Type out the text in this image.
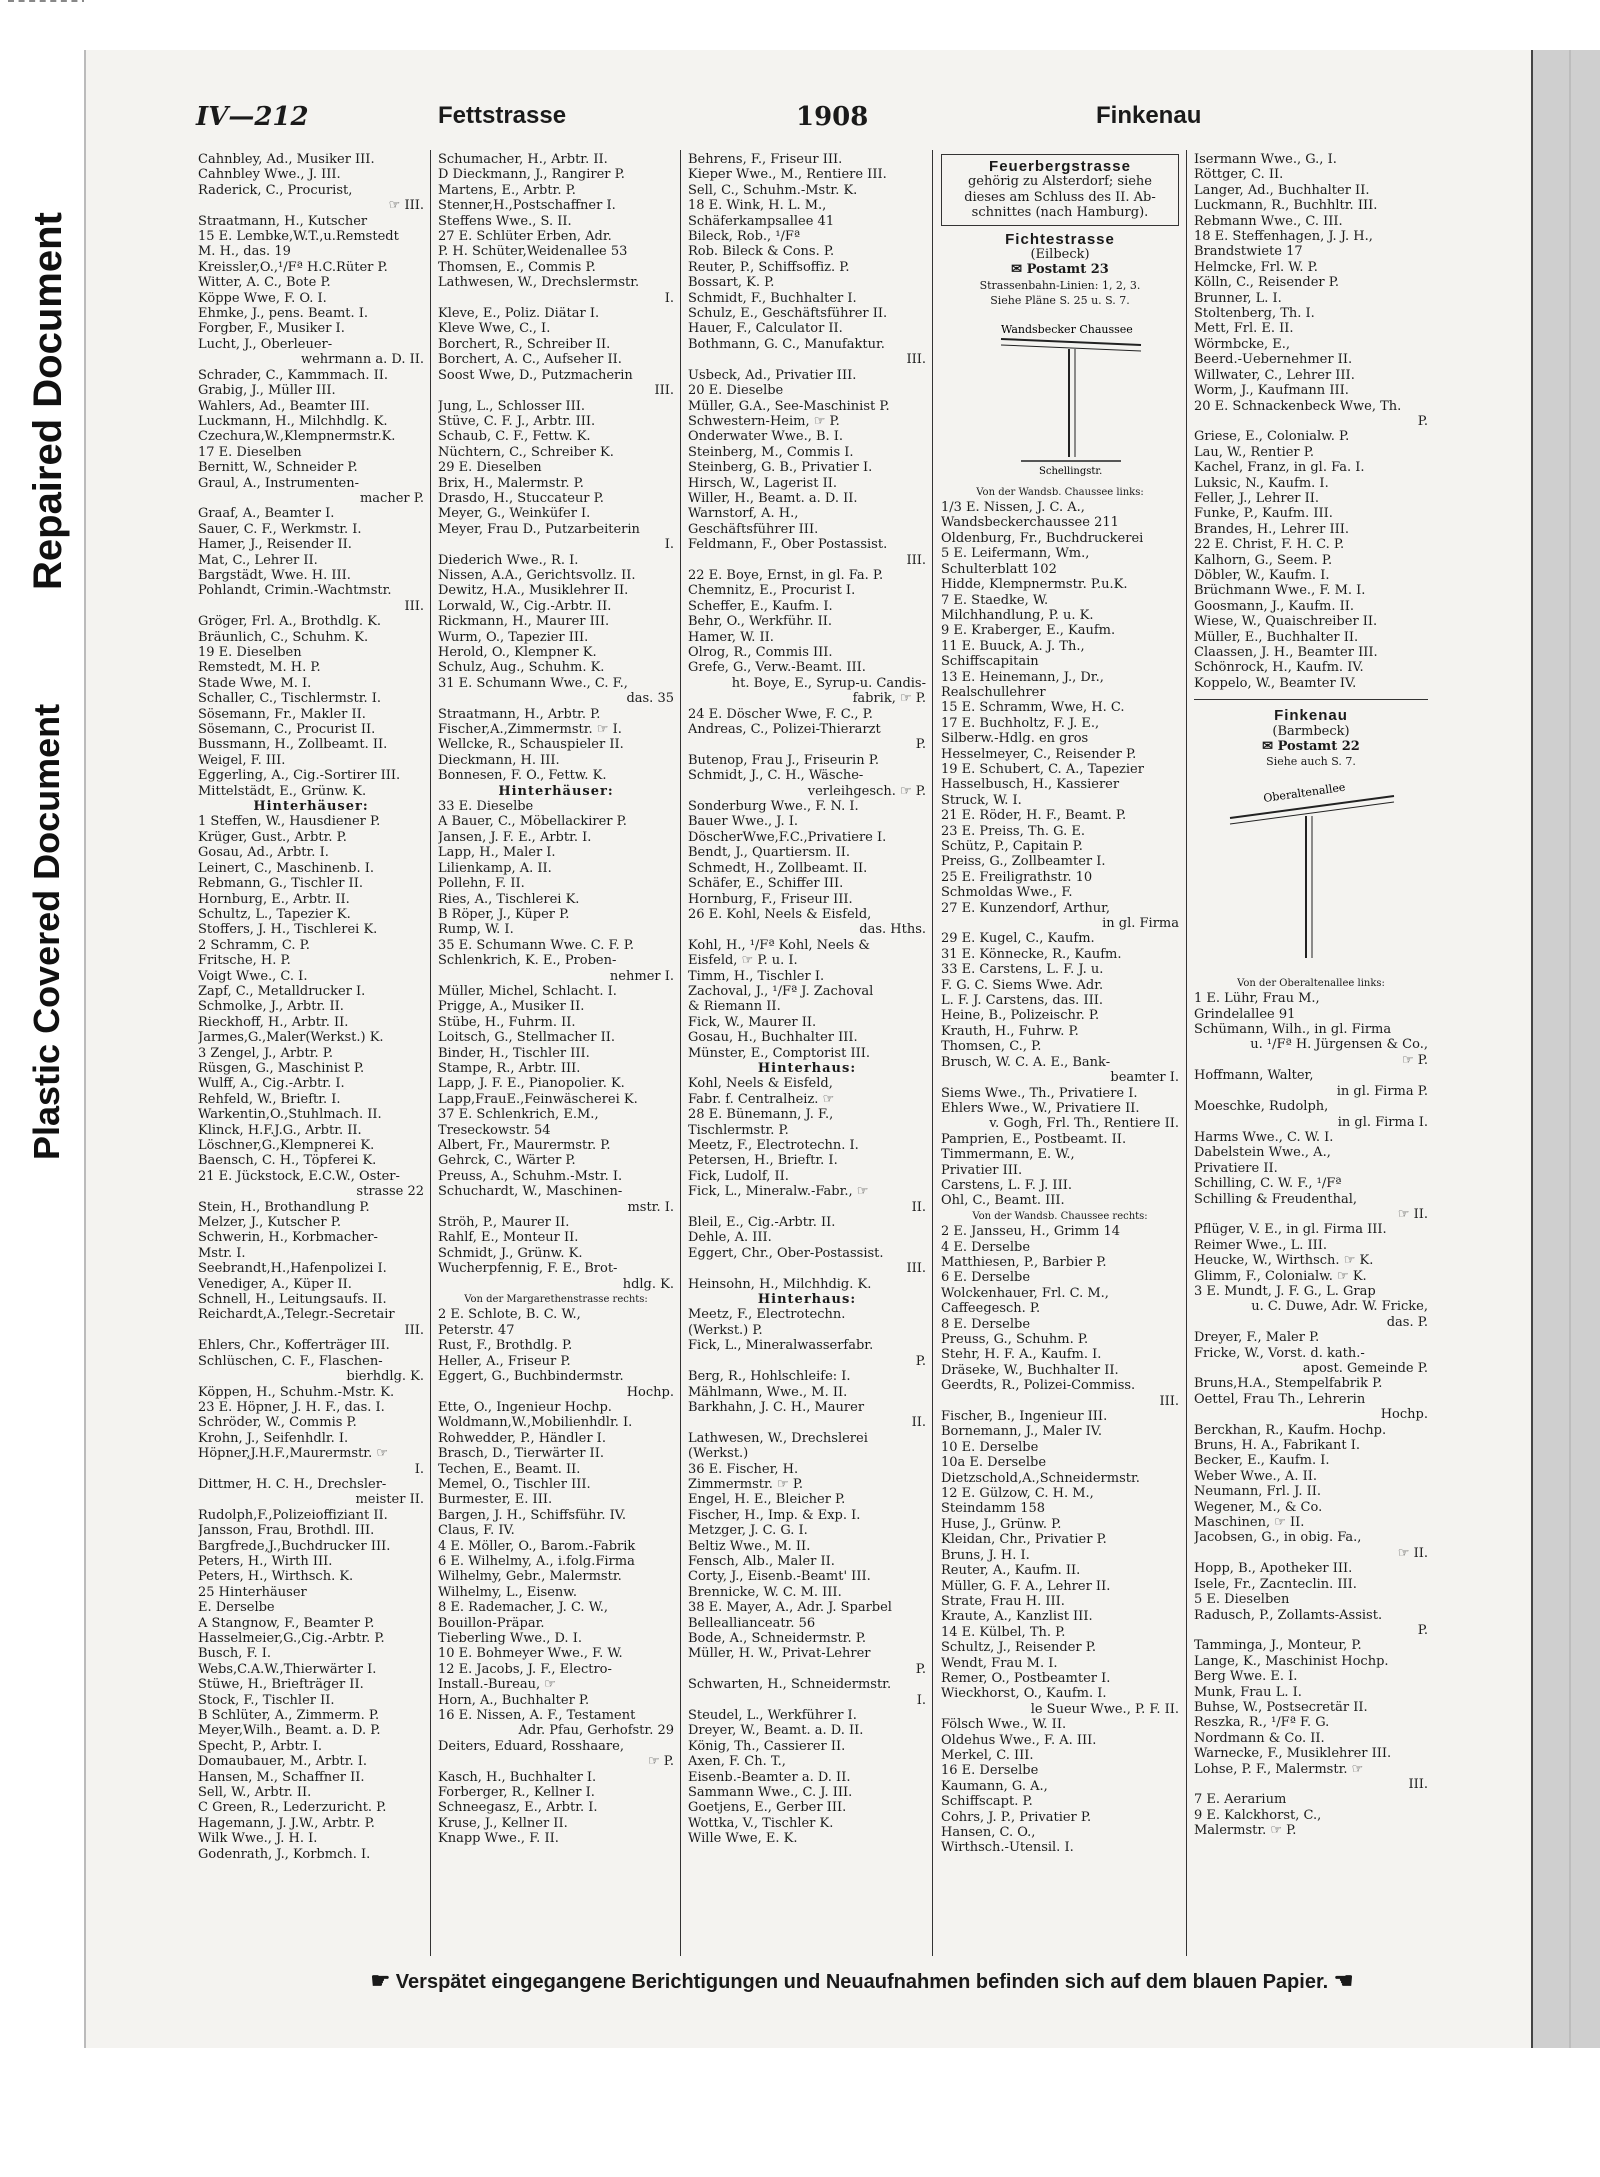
Repaired Document
Plastic Covered Document
IV—212	Fettstrasse	1908	Finkenau
Cahnbley, Ad., Musiker III.
Cahnbley Wwe., J. III.
Raderick, C., Procurist,
☞ III.
Straatmann, H., Kutscher
15 E. Lembke,W.T.,u.Remstedt
M. H., das. 19
Kreissler,O.,¹/Fª H.C.Rüter P.
Witter, A. C., Bote P.
Köppe Wwe, F. O. I.
Ehmke, J., pens. Beamt. I.
Forgber, F., Musiker I.
Lucht, J., Oberleuer-
wehrmann a. D. II.
Schrader, C., Kammmach. II.
Grabig, J., Müller III.
Wahlers, Ad., Beamter III.
Luckmann, H., Milchhdlg. K.
Czechura,W.,Klempnermstr.K.
17 E. Dieselben
Bernitt, W., Schneider P.
Graul, A., Instrumenten-
macher P.
Graaf, A., Beamter I.
Sauer, C. F., Werkmstr. I.
Hamer, J., Reisender II.
Mat, C., Lehrer II.
Bargstädt, Wwe. H. III.
Pohlandt, Crimin.-Wachtmstr.
III.
Gröger, Frl. A., Brothdlg. K.
Bräunlich, C., Schuhm. K.
19 E. Dieselben
Remstedt, M. H. P.
Stade Wwe, M. I.
Schaller, C., Tischlermstr. I.
Sösemann, Fr., Makler II.
Sösemann, C., Procurist II.
Bussmann, H., Zollbeamt. II.
Weigel, F. III.
Eggerling, A., Cig.-Sortirer III.
Mittelstädt, E., Grünw. K.
Hinterhäuser:
1 Steffen, W., Hausdiener P.
Krüger, Gust., Arbtr. P.
Gosau, Ad., Arbtr. I.
Leinert, C., Maschinenb. I.
Rebmann, G., Tischler II.
Hornburg, E., Arbtr. II.
Schultz, L., Tapezier K.
Stoffers, J. H., Tischlerei K.
2 Schramm, C. P.
Fritsche, H. P.
Voigt Wwe., C. I.
Zapf, C., Metalldrucker I.
Schmolke, J., Arbtr. II.
Rieckhoff, H., Arbtr. II.
Jarmes,G.,Maler(Werkst.) K.
3 Zengel, J., Arbtr. P.
Rüsgen, G., Maschinist P.
Wulff, A., Cig.-Arbtr. I.
Rehfeld, W., Brieftr. I.
Warkentin,O.,Stuhlmach. II.
Klinck, H.F.J.G., Arbtr. II.
Löschner,G.,Klempnerei K.
Baensch, C. H., Töpferei K.
21 E. Jückstock, E.C.W., Oster-
strasse 22
Stein, H., Brothandlung P.
Melzer, J., Kutscher P.
Schwerin, H., Korbmacher-
Mstr. I.
Seebrandt,H.,Hafenpolizei I.
Venediger, A., Küper II.
Schnell, H., Leitungsaufs. II.
Reichardt,A.,Telegr.-Secretair
III.
Ehlers, Chr., Kofferträger III.
Schlüschen, C. F., Flaschen-
bierhdlg. K.
Köppen, H., Schuhm.-Mstr. K.
23 E. Höpner, J. H. F., das. I.
Schröder, W., Commis P.
Krohn, J., Seifenhdlr. I.
Höpner,J.H.F.,Maurermstr. ☞
I.
Dittmer, H. C. H., Drechsler-
meister II.
Rudolph,F.,Polizeioffiziant II.
Jansson, Frau, Brothdl. III.
Bargfrede,J.,Buchdrucker III.
Peters, H., Wirth III.
Peters, H., Wirthsch. K.
25 Hinterhäuser
E. Derselbe
A Stangnow, F., Beamter P.
Hasselmeier,G.,Cig.-Arbtr. P.
Busch, F. I.
Webs,C.A.W.,Thierwärter I.
Stüwe, H., Briefträger II.
Stock, F., Tischler II.
B Schlüter, A., Zimmerm. P.
Meyer,Wilh., Beamt. a. D. P.
Specht, P., Arbtr. I.
Domaubauer, M., Arbtr. I.
Hansen, M., Schaffner II.
Sell, W., Arbtr. II.
C Green, R., Lederzuricht. P.
Hagemann, J. J.W., Arbtr. P.
Wilk Wwe., J. H. I.
Godenrath, J., Korbmch. I.
Schumacher, H., Arbtr. II.
D Dieckmann, J., Rangirer P.
Martens, E., Arbtr. P.
Stenner,H.,Postschaffner I.
Steffens Wwe., S. II.
27 E. Schlüter Erben, Adr.
P. H. Schüter,Weidenallee 53
Thomsen, E., Commis P.
Lathwesen, W., Drechslermstr.
I.
Kleve, E., Poliz. Diätar I.
Kleve Wwe, C., I.
Borchert, R., Schreiber II.
Borchert, A. C., Aufseher II.
Soost Wwe, D., Putzmacherin
III.
Jung, L., Schlosser III.
Stüve, C. F. J., Arbtr. III.
Schaub, C. F., Fettw. K.
Nüchtern, C., Schreiber K.
29 E. Dieselben
Brix, H., Malermstr. P.
Drasdo, H., Stuccateur P.
Meyer, G., Weinküfer I.
Meyer, Frau D., Putzarbeiterin
I.
Diederich Wwe., R. I.
Nissen, A.A., Gerichtsvollz. II.
Dewitz, H.A., Musiklehrer II.
Lorwald, W., Cig.-Arbtr. II.
Rickmann, H., Maurer III.
Wurm, O., Tapezier III.
Herold, O., Klempner K.
Schulz, Aug., Schuhm. K.
31 E. Schumann Wwe., C. F.,
das. 35
Straatmann, H., Arbtr. P.
Fischer,A.,Zimmermstr. ☞ I.
Wellcke, R., Schauspieler II.
Dieckmann, H. III.
Bonnesen, F. O., Fettw. K.
Hinterhäuser:
33 E. Dieselbe
A Bauer, C., Möbellackirer P.
Jansen, J. F. E., Arbtr. I.
Lapp, H., Maler I.
Lilienkamp, A. II.
Pollehn, F. II.
Ries, A., Tischlerei K.
B Röper, J., Küper P.
Rump, W. I.
35 E. Schumann Wwe. C. F. P.
Schlenkrich, K. E., Proben-
nehmer I.
Müller, Michel, Schlacht. I.
Prigge, A., Musiker II.
Stübe, H., Fuhrm. II.
Loitsch, G., Stellmacher II.
Binder, H., Tischler III.
Stampe, R., Arbtr. III.
Lapp, J. F. E., Pianopolier. K.
Lapp,FrauE.,Feinwäscherei K.
37 E. Schlenkrich, E.M.,
Treseckowstr. 54
Albert, Fr., Maurermstr. P.
Gehrck, C., Wärter P.
Preuss, A., Schuhm.-Mstr. I.
Schuchardt, W., Maschinen-
mstr. I.
Ströh, P., Maurer II.
Rahlf, E., Monteur II.
Schmidt, J., Grünw. K.
Wucherpfennig, F. E., Brot-
hdlg. K.
Von der Margarethenstrasse rechts:
2 E. Schlote, B. C. W.,
Peterstr. 47
Rust, F., Brothdlg. P.
Heller, A., Friseur P.
Eggert, G., Buchbindermstr.
Hochp.
Ette, O., Ingenieur Hochp.
Woldmann,W.,Mobilienhdlr. I.
Rohwedder, P., Händler I.
Brasch, D., Tierwärter II.
Techen, E., Beamt. II.
Memel, O., Tischler III.
Burmester, E. III.
Bargen, J. H., Schiffsführ. IV.
Claus, F. IV.
4 E. Möller, O., Barom.-Fabrik
6 E. Wilhelmy, A., i.folg.Firma
Wilhelmy, Gebr., Malermstr.
Wilhelmy, L., Eisenw.
8 E. Rademacher, J. C. W.,
Bouillon-Präpar.
Tieberling Wwe., D. I.
10 E. Bohmeyer Wwe., F. W.
12 E. Jacobs, J. F., Electro-
Install.-Bureau, ☞
Horn, A., Buchhalter P.
16 E. Nissen, A. F., Testament
Adr. Pfau, Gerhofstr. 29
Deiters, Eduard, Rosshaare,
☞ P.
Kasch, H., Buchhalter I.
Forberger, R., Kellner I.
Schneegasz, E., Arbtr. I.
Kruse, J., Kellner II.
Knapp Wwe., F. II.
Behrens, F., Friseur III.
Kieper Wwe., M., Rentiere III.
Sell, C., Schuhm.-Mstr. K.
18 E. Wink, H. L. M.,
Schäferkampsallee 41
Bileck, Rob., ¹/Fª
Rob. Bileck & Cons. P.
Reuter, P., Schiffsoffiz. P.
Bossart, K. P.
Schmidt, F., Buchhalter I.
Schulz, E., Geschäftsführer II.
Hauer, F., Calculator II.
Bothmann, G. C., Manufaktur.
III.
Usbeck, Ad., Privatier III.
20 E. Dieselbe
Müller, G.A., See-Maschinist P.
Schwestern-Heim, ☞ P.
Onderwater Wwe., B. I.
Steinberg, M., Commis I.
Steinberg, G. B., Privatier I.
Hirsch, W., Lagerist II.
Willer, H., Beamt. a. D. II.
Warnstorf, A. H.,
Geschäftsführer III.
Feldmann, F., Ober Postassist.
III.
22 E. Boye, Ernst, in gl. Fa. P.
Chemnitz, E., Procurist I.
Scheffer, E., Kaufm. I.
Behr, O., Werkführ. II.
Hamer, W. II.
Olrog, R., Commis III.
Grefe, G., Verw.-Beamt. III.
ht. Boye, E., Syrup-u. Candis-
fabrik, ☞ P.
24 E. Döscher Wwe, F. C., P.
Andreas, C., Polizei-Thierarzt
P.
Butenop, Frau J., Friseurin P.
Schmidt, J., C. H., Wäsche-
verleihgesch. ☞ P.
Sonderburg Wwe., F. N. I.
Bauer Wwe., J. I.
DöscherWwe,F.C.,Privatiere I.
Bendt, J., Quartiersm. II.
Schmedt, H., Zollbeamt. II.
Schäfer, E., Schiffer III.
Hornburg, F., Friseur III.
26 E. Kohl, Neels & Eisfeld,
das. Hths.
Kohl, H., ¹/Fª Kohl, Neels &
Eisfeld, ☞ P. u. I.
Timm, H., Tischler I.
Zachoval, J., ¹/Fª J. Zachoval
& Riemann II.
Fick, W., Maurer II.
Gosau, H., Buchhalter III.
Münster, E., Comptorist III.
Hinterhaus:
Kohl, Neels & Eisfeld,
Fabr. f. Centralheiz. ☞
28 E. Bünemann, J. F.,
Tischlermstr. P.
Meetz, F., Electrotechn. I.
Petersen, H., Brieftr. I.
Fick, Ludolf, II.
Fick, L., Mineralw.-Fabr., ☞
II.
Bleil, E., Cig.-Arbtr. II.
Dehle, A. III.
Eggert, Chr., Ober-Postassist.
III.
Heinsohn, H., Milchhdig. K.
Hinterhaus:
Meetz, F., Electrotechn.
(Werkst.) P.
Fick, L., Mineralwasserfabr.
P.
Berg, R., Hohlschleife: I.
Mählmann, Wwe., M. II.
Barkhahn, J. C. H., Maurer
II.
Lathwesen, W., Drechslerei
(Werkst.)
36 E. Fischer, H.
Zimmermstr. ☞ P.
Engel, H. E., Bleicher P.
Fischer, H., Imp. & Exp. I.
Metzger, J. C. G. I.
Beltiz Wwe., M. II.
Fensch, Alb., Maler II.
Corty, J., Eisenb.-Beamt' III.
Brennicke, W. C. M. III.
38 E. Mayer, A., Adr. J. Sparbel
Belleallianceatr. 56
Bode, A., Schneidermstr. P.
Müller, H. W., Privat-Lehrer
P.
Schwarten, H., Schneidermstr.
I.
Steudel, L., Werkführer I.
Dreyer, W., Beamt. a. D. II.
König, Th., Cassierer II.
Axen, F. Ch. T.,
Eisenb.-Beamter a. D. II.
Sammann Wwe., C. J. III.
Goetjens, E., Gerber III.
Wottka, V., Tischler K.
Wille Wwe, E. K.
Feuerbergstrasse
gehörig zu Alsterdorf; siehe
dieses am Schluss des II. Ab-
schnittes (nach Hamburg).
Fichtestrasse
(Eilbeck)
✉ Postamt 23
Strassenbahn-Linien: 1, 2, 3.
Siehe Pläne S. 25 u. S. 7.
Wandsbecker Chaussee
Schellingstr.
Von der Wandsb. Chaussee links:
1/3 E. Nissen, J. C. A.,
Wandsbeckerchaussee 211
Oldenburg, Fr., Buchdruckerei
5 E. Leifermann, Wm.,
Schulterblatt 102
Hidde, Klempnermstr. P.u.K.
7 E. Staedke, W.
Milchhandlung, P. u. K.
9 E. Kraberger, E., Kaufm.
11 E. Buuck, A. J. Th.,
Schiffscapitain
13 E. Heinemann, J., Dr.,
Realschullehrer
15 E. Schramm, Wwe, H. C.
17 E. Buchholtz, F. J. E.,
Silberw.-Hdlg. en gros
Hesselmeyer, C., Reisender P.
19 E. Schubert, C. A., Tapezier
Hasselbusch, H., Kassierer
Struck, W. I.
21 E. Röder, H. F., Beamt. P.
23 E. Preiss, Th. G. E.
Schütz, P., Capitain P.
Preiss, G., Zollbeamter I.
25 E. Freiligrathstr. 10
Schmoldas Wwe., F.
27 E. Kunzendorf, Arthur,
in gl. Firma
29 E. Kugel, C., Kaufm.
31 E. Könnecke, R., Kaufm.
33 E. Carstens, L. F. J. u.
F. G. C. Siems Wwe. Adr.
L. F. J. Carstens, das. III.
Heine, B., Polizeischr. P.
Krauth, H., Fuhrw. P.
Thomsen, C., P.
Brusch, W. C. A. E., Bank-
beamter I.
Siems Wwe., Th., Privatiere I.
Ehlers Wwe., W., Privatiere II.
v. Gogh, Frl. Th., Rentiere II.
Pamprien, E., Postbeamt. II.
Timmermann, E. W.,
Privatier III.
Carstens, L. F. J. III.
Ohl, C., Beamt. III.
Von der Wandsb. Chaussee rechts:
2 E. Jansseu, H., Grimm 14
4 E. Derselbe
Matthiesen, P., Barbier P.
6 E. Derselbe
Wolckenhauer, Frl. C. M.,
Caffeegesch. P.
8 E. Derselbe
Preuss, G., Schuhm. P.
Stehr, H. F. A., Kaufm. I.
Dräseke, W., Buchhalter II.
Geerdts, R., Polizei-Commiss.
III.
Fischer, B., Ingenieur III.
Bornemann, J., Maler IV.
10 E. Derselbe
10a E. Derselbe
Dietzschold,A.,Schneidermstr.
12 E. Gülzow, C. H. M.,
Steindamm 158
Huse, J., Grünw. P.
Kleidan, Chr., Privatier P.
Bruns, J. H. I.
Reuter, A., Kaufm. II.
Müller, G. F. A., Lehrer II.
Strate, Frau H. III.
Kraute, A., Kanzlist III.
14 E. Külbel, Th. P.
Schultz, J., Reisender P.
Wendt, Frau M. I.
Remer, O., Postbeamter I.
Wieckhorst, O., Kaufm. I.
le Sueur Wwe., P. F. II.
Fölsch Wwe., W. II.
Oldehus Wwe., F. A. III.
Merkel, C. III.
16 E. Derselbe
Kaumann, G. A.,
Schiffscapt. P.
Cohrs, J. P., Privatier P.
Hansen, C. O.,
Wirthsch.-Utensil. I.
Isermann Wwe., G., I.
Röttger, C. II.
Langer, Ad., Buchhalter II.
Luckmann, R., Buchhltr. III.
Rebmann Wwe., C. III.
18 E. Steffenhagen, J. J. H.,
Brandstwiete 17
Helmcke, Frl. W. P.
Kölln, C., Reisender P.
Brunner, L. I.
Stoltenberg, Th. I.
Mett, Frl. E. II.
Wörmbcke, E.,
Beerd.-Uebernehmer II.
Willwater, C., Lehrer III.
Worm, J., Kaufmann III.
20 E. Schnackenbeck Wwe, Th.
P.
Griese, E., Colonialw. P.
Lau, W., Rentier P.
Kachel, Franz, in gl. Fa. I.
Luksic, N., Kaufm. I.
Feller, J., Lehrer II.
Funke, P., Kaufm. III.
Brandes, H., Lehrer III.
22 E. Christ, F. H. C. P.
Kalhorn, G., Seem. P.
Döbler, W., Kaufm. I.
Brüchmann Wwe., F. M. I.
Goosmann, J., Kaufm. II.
Wiese, W., Quaischreiber II.
Müller, E., Buchhalter II.
Claassen, J. H., Beamter III.
Schönrock, H., Kaufm. IV.
Koppelo, W., Beamter IV.
Finkenau
(Barmbeck)
✉ Postamt 22
Siehe auch S. 7.
Oberaltenallee
Von der Oberaltenallee links:
1 E. Lühr, Frau M.,
Grindelallee 91
Schümann, Wilh., in gl. Firma
u. ¹/Fª H. Jürgensen & Co.,
☞ P.
Hoffmann, Walter,
in gl. Firma P.
Moeschke, Rudolph,
in gl. Firma I.
Harms Wwe., C. W. I.
Dabelstein Wwe., A.,
Privatiere II.
Schilling, C. W. F., ¹/Fª
Schilling & Freudenthal,
☞ II.
Pflüger, V. E., in gl. Firma III.
Reimer Wwe., L. III.
Heucke, W., Wirthsch. ☞ K.
Glimm, F., Colonialw. ☞ K.
3 E. Mundt, J. F. G., L. Grap
u. C. Duwe, Adr. W. Fricke,
das. P.
Dreyer, F., Maler P.
Fricke, W., Vorst. d. kath.-
apost. Gemeinde P.
Bruns,H.A., Stempelfabrik P.
Oettel, Frau Th., Lehrerin
Hochp.
Berckhan, R., Kaufm. Hochp.
Bruns, H. A., Fabrikant I.
Becker, E., Kaufm. I.
Weber Wwe., A. II.
Neumann, Frl. J. II.
Wegener, M., & Co.
Maschinen, ☞ II.
Jacobsen, G., in obig. Fa.,
☞ II.
Hopp, B., Apotheker III.
Isele, Fr., Zacnteclin. III.
5 E. Dieselben
Radusch, P., Zollamts-Assist.
P.
Tamminga, J., Monteur, P.
Lange, K., Maschinist Hochp.
Berg Wwe. E. I.
Munk, Frau L. I.
Buhse, W., Postsecretär II.
Reszka, R., ¹/Fª F. G.
Nordmann & Co. II.
Warnecke, F., Musiklehrer III.
Lohse, P. F., Malermstr. ☞
III.
7 E. Aerarium
9 E. Kalckhorst, C.,
Malermstr. ☞ P.
☛ Verspätet eingegangene Berichtigungen und Neuaufnahmen befinden sich auf dem blauen Papier. ☚
